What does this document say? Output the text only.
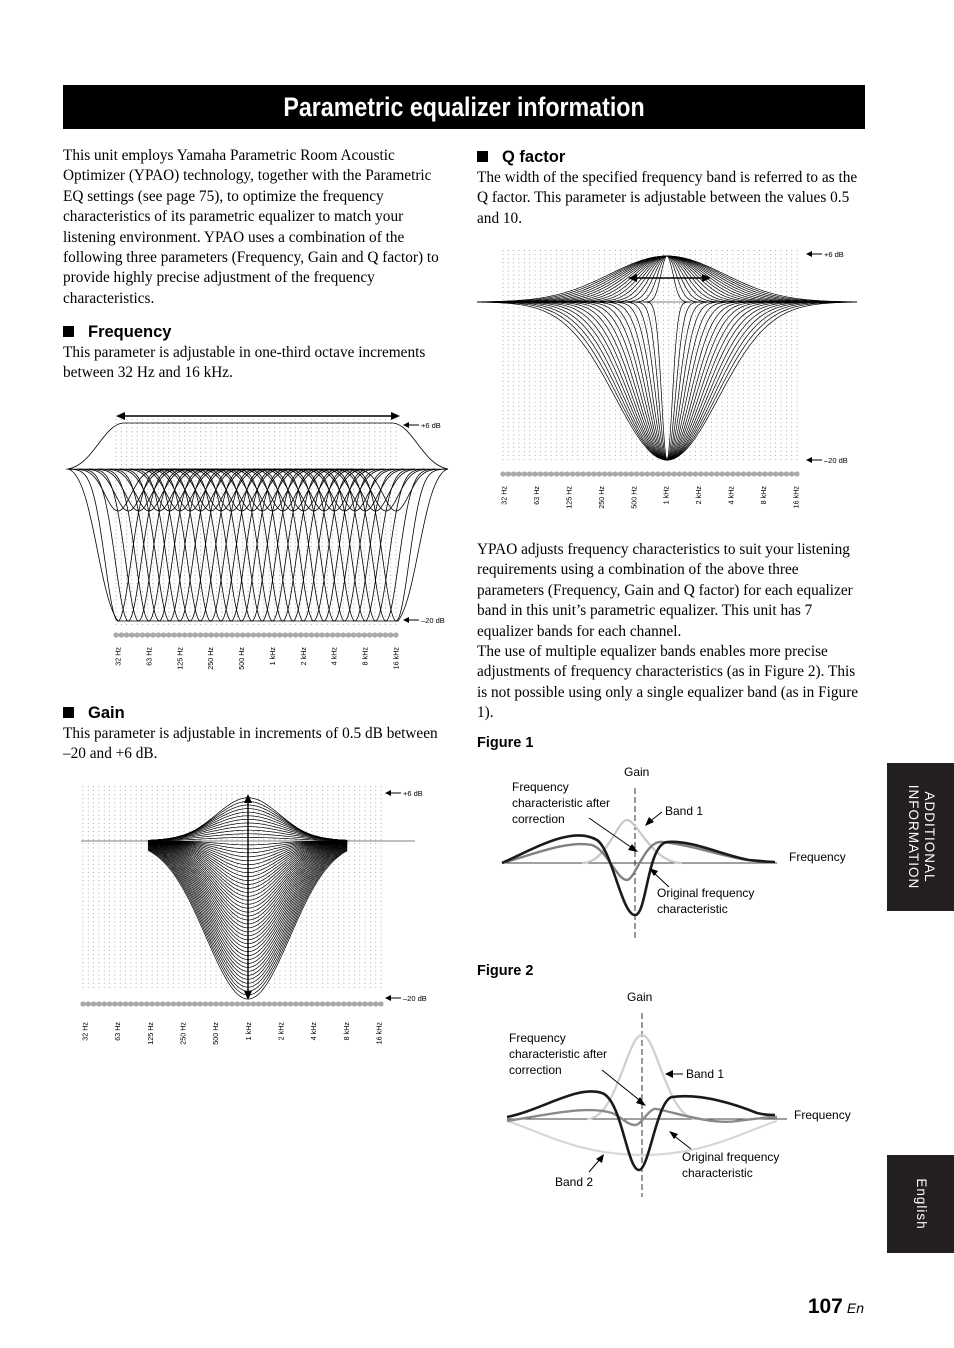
Parametric equalizer information

This unit employs Yamaha Parametric Room Acoustic Optimizer (YPAO) technology, together with the Parametric EQ settings (see page 75), to optimize the frequency characteristics of its parametric equalizer to match your listening environment. YPAO uses a combination of the following three parameters (Frequency, Gain and Q factor) to provide highly precise adjustment of the frequency characteristics.

Frequency

This parameter is adjustable in one-third octave increments between 32 Hz and 16 kHz.

+6 dB
–20 dB
32 Hz	63 Hz	125 Hz	250 Hz	500 Hz	1 kHz	2 kHz	4 kHz	8 kHz	16 kHz
Gain

This parameter is adjustable in increments of 0.5 dB between –20 and +6 dB.

+6 dB
–20 dB
32 Hz	63 Hz	125 Hz	250 Hz	500 Hz	1 kHz	2 kHz	4 kHz	8 kHz	16 kHz
Q factor

The width of the specified frequency band is referred to as the Q factor. This parameter is adjustable between the values 0.5 and 10.

+6 dB
–20 dB
32 Hz	63 Hz	125 Hz	250 Hz	500 Hz	1 kHz	2 kHz	4 kHz	8 kHz	16 kHz

YPAO adjusts frequency characteristics to suit your listening requirements using a combination of the above three parameters (Frequency, Gain and Q factor) for each equalizer band in this unit’s parametric equalizer. This unit has 7 equalizer bands for each channel.

The use of multiple equalizer bands enables more precise adjustments of frequency characteristics (as in Figure 2). This is not possible using only a single equalizer band (as in Figure 1).

Figure 1

Gain
Frequency characteristic after correction
Band 1
Frequency
Original frequency characteristic

Figure 2

Gain
Frequency characteristic after correction	Band 1
Frequency
Original frequency characteristic
Band 2
ADDITIONAL
INFORMATION
English
107 En
